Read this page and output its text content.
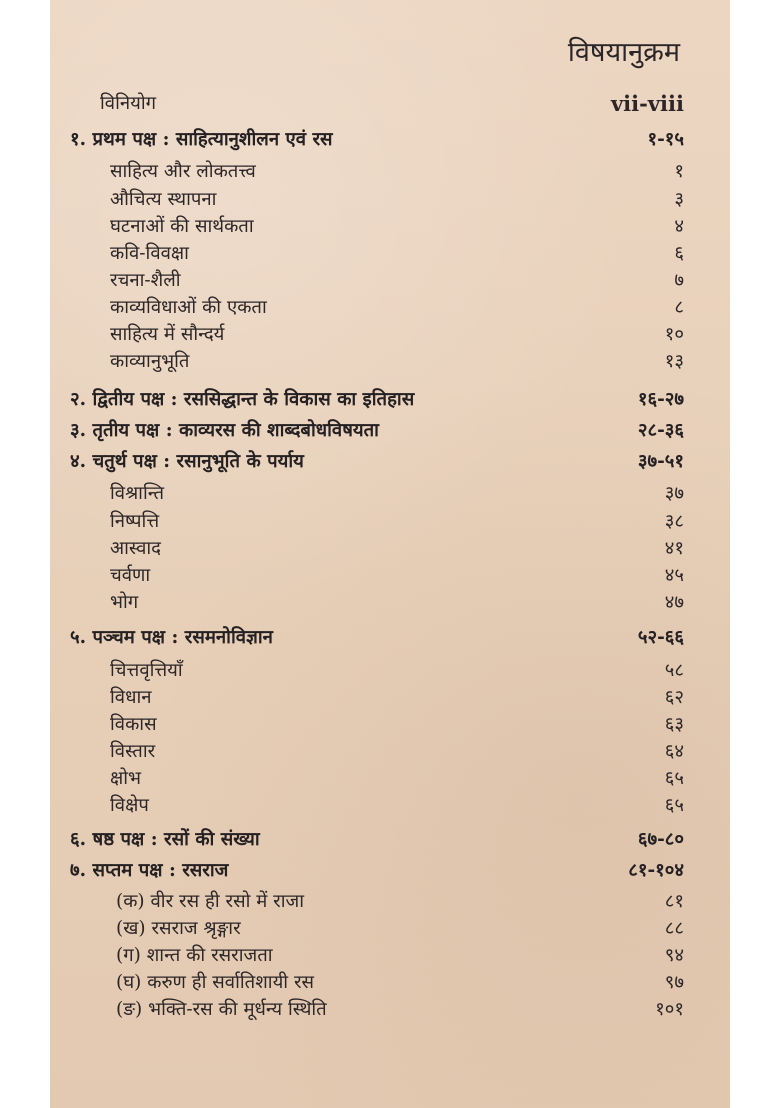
विषयानुक्रम
विनियोग	vii-viii
१. प्रथम पक्ष : साहित्यानुशीलन एवं रस	१-१५
साहित्य और लोकतत्त्व	१
औचित्य स्थापना	३
घटनाओं की सार्थकता	४
कवि-विवक्षा	६
रचना-शैली	७
काव्यविधाओं की एकता	८
साहित्य में सौन्दर्य	१०
काव्यानुभूति	१३
२. द्वितीय पक्ष : रससिद्धान्त के विकास का इतिहास	१६-२७
३. तृतीय पक्ष : काव्यरस की शाब्दबोधविषयता	२८-३६
४. चतुर्थ पक्ष : रसानुभूति के पर्याय	३७-५१
विश्रान्ति	३७
निष्पत्ति	३८
आस्वाद	४१
चर्वणा	४५
भोग	४७
५. पञ्चम पक्ष : रसमनोविज्ञान	५२-६६
चित्तवृत्तियाँ	५८
विधान	६२
विकास	६३
विस्तार	६४
क्षोभ	६५
विक्षेप	६५
६. षष्ठ पक्ष : रसों की संख्या	६७-८०
७. सप्तम पक्ष : रसराज	८१-१०४
(क) वीर रस ही रसो में राजा	८१
(ख) रसराज श्रृङ्गार	८८
(ग) शान्त की रसराजता	९४
(घ) करुण ही सर्वातिशायी रस	९७
(ङ) भक्ति-रस की मूर्धन्य स्थिति	१०१
